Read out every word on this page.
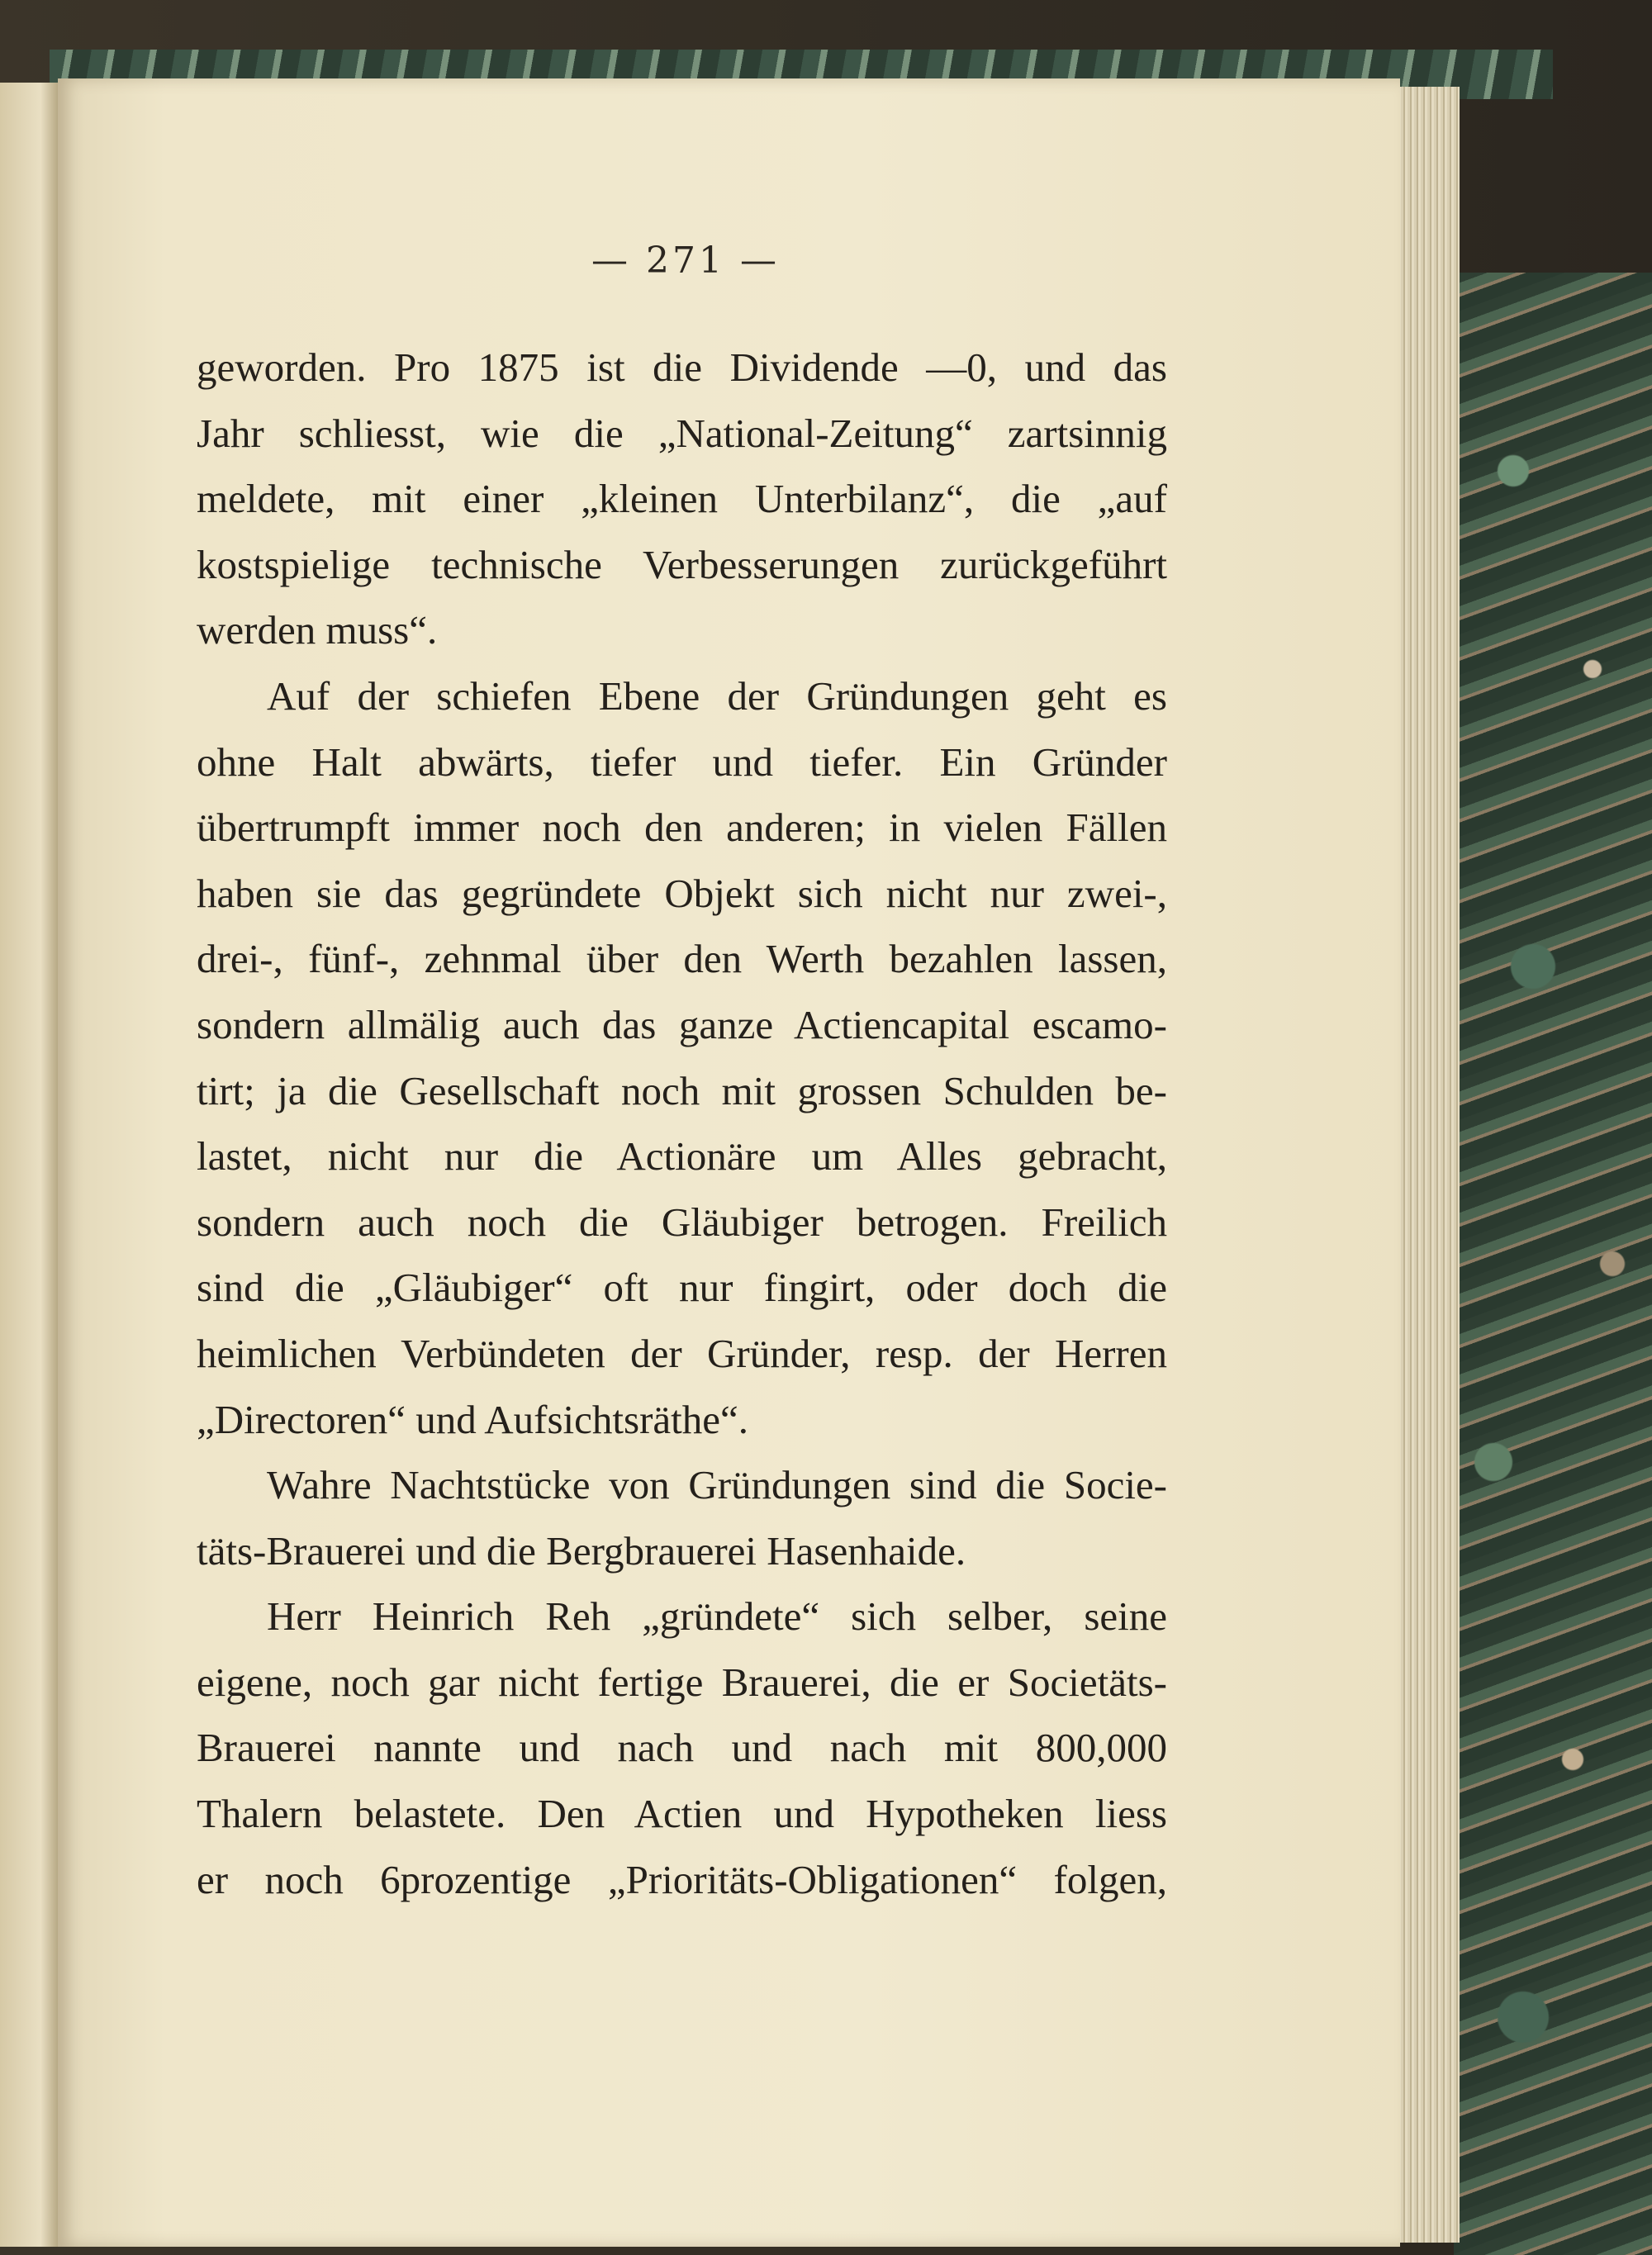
— 271 —
geworden. Pro 1875 ist die Dividende —0, und das
Jahr schliesst, wie die „National-Zeitung“ zartsinnig
meldete, mit einer „kleinen Unterbilanz“, die „auf
kostspielige technische Verbesserungen zurückgeführt
werden muss“.
Auf der schiefen Ebene der Gründungen geht es
ohne Halt abwärts, tiefer und tiefer. Ein Gründer
übertrumpft immer noch den anderen; in vielen Fällen
haben sie das gegründete Objekt sich nicht nur zwei-,
drei-, fünf-, zehnmal über den Werth bezahlen lassen,
sondern allmälig auch das ganze Actiencapital escamo-
tirt; ja die Gesellschaft noch mit grossen Schulden be-
lastet, nicht nur die Actionäre um Alles gebracht,
sondern auch noch die Gläubiger betrogen. Freilich
sind die „Gläubiger“ oft nur fingirt, oder doch die
heimlichen Verbündeten der Gründer, resp. der Herren
„Directoren“ und Aufsichtsräthe“.
Wahre Nachtstücke von Gründungen sind die Socie-
täts-Brauerei und die Bergbrauerei Hasenhaide.
Herr Heinrich Reh „gründete“ sich selber, seine
eigene, noch gar nicht fertige Brauerei, die er Societäts-
Brauerei nannte und nach und nach mit 800,000
Thalern belastete. Den Actien und Hypotheken liess
er noch 6prozentige „Prioritäts-Obligationen“ folgen,
